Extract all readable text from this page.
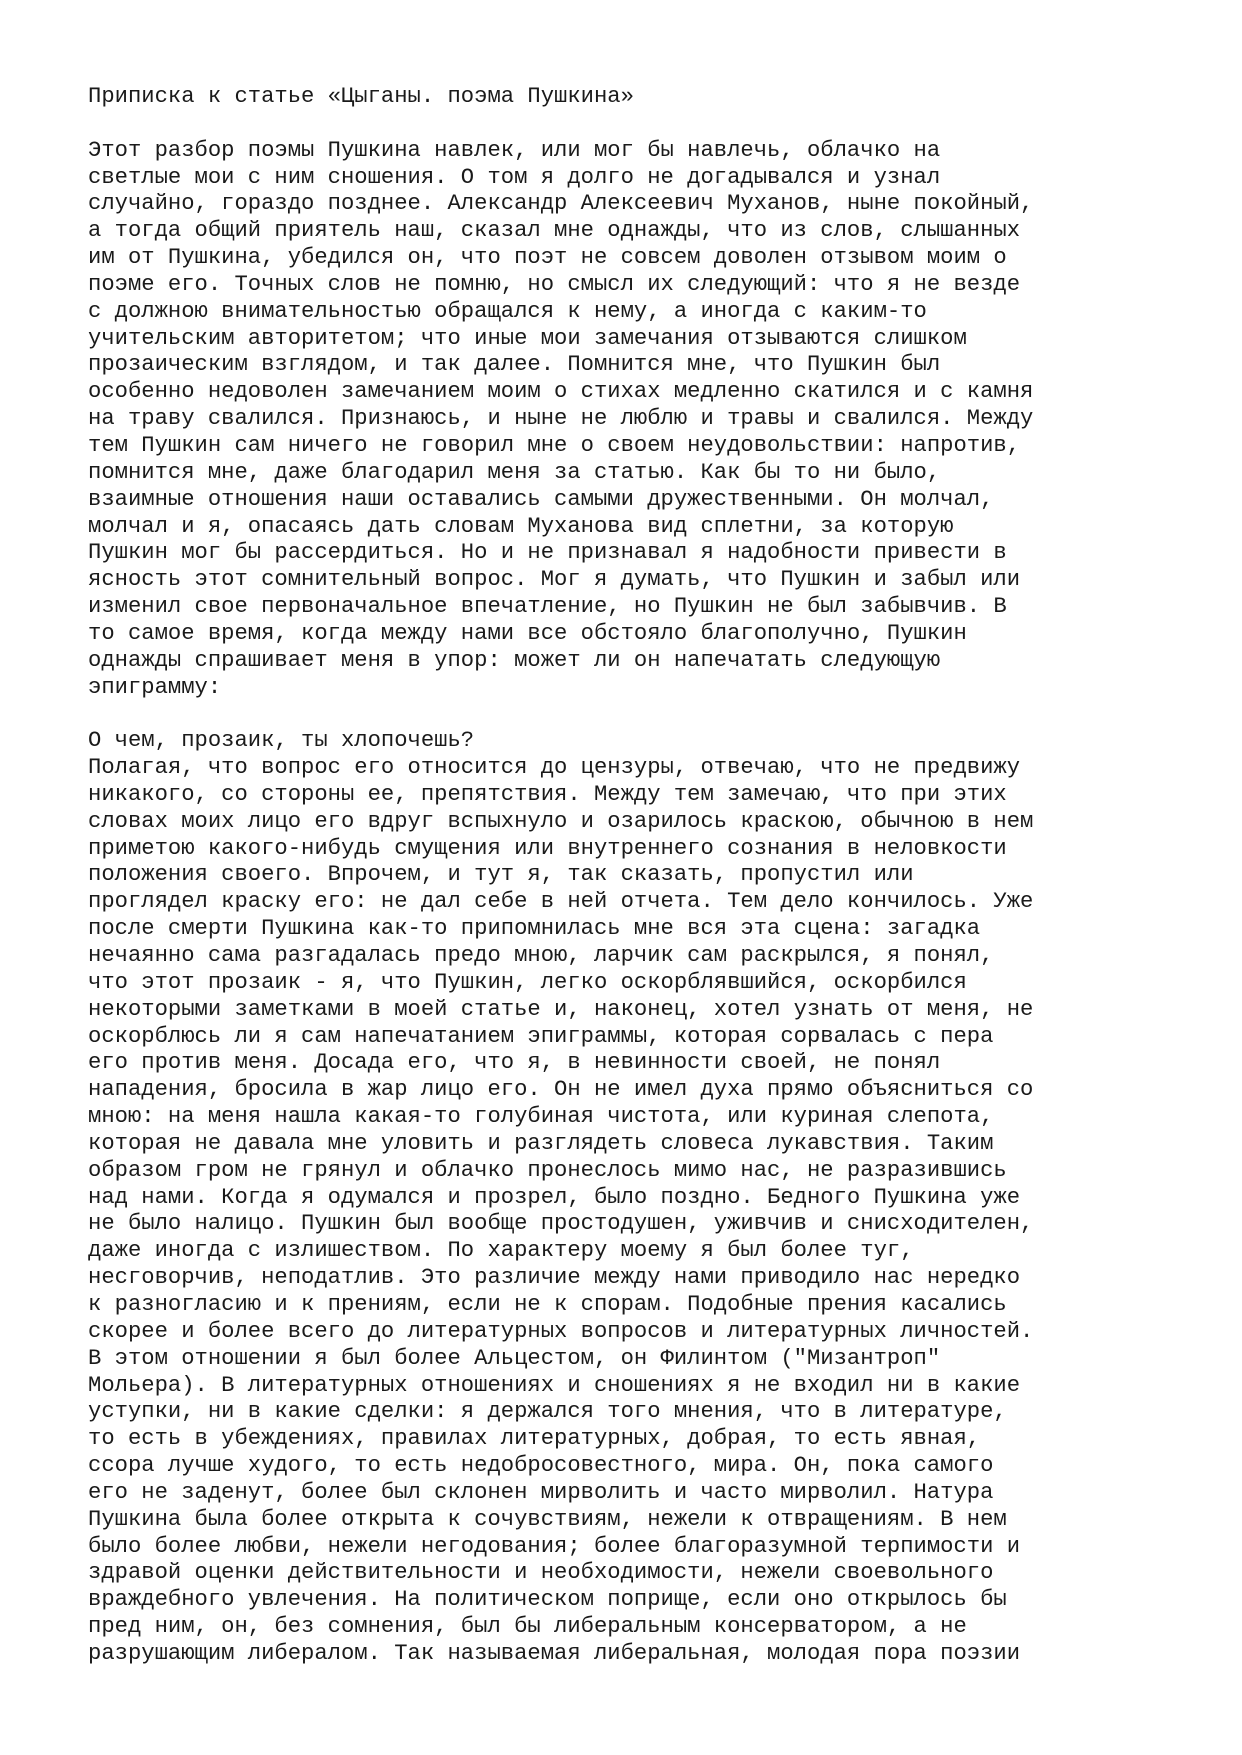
Приписка к статье «Цыганы. поэма Пушкина»
Этот разбор поэмы Пушкина навлек, или мог бы навлечь, облачко на
светлые мои с ним сношения. О том я долго не догадывался и узнал
случайно, гораздо позднее. Александр Алексеевич Муханов, ныне покойный,
а тогда общий приятель наш, сказал мне однажды, что из слов, слышанных
им от Пушкина, убедился он, что поэт не совсем доволен отзывом моим о
поэме его. Точных слов не помню, но смысл их следующий: что я не везде
с должною внимательностью обращался к нему, а иногда с каким-то
учительским авторитетом; что иные мои замечания отзываются слишком
прозаическим взглядом, и так далее. Помнится мне, что Пушкин был
особенно недоволен замечанием моим о стихах медленно скатился и с камня
на траву свалился. Признаюсь, и ныне не люблю и травы и свалился. Между
тем Пушкин сам ничего не говорил мне о своем неудовольствии: напротив,
помнится мне, даже благодарил меня за статью. Как бы то ни было,
взаимные отношения наши оставались самыми дружественными. Он молчал,
молчал и я, опасаясь дать словам Муханова вид сплетни, за которую
Пушкин мог бы рассердиться. Но и не признавал я надобности привести в
ясность этот сомнительный вопрос. Мог я думать, что Пушкин и забыл или
изменил свое первоначальное впечатление, но Пушкин не был забывчив. В
то самое время, когда между нами все обстояло благополучно, Пушкин
однажды спрашивает меня в упор: может ли он напечатать следующую
эпиграмму:
О чем, прозаик, ты хлопочешь?
Полагая, что вопрос его относится до цензуры, отвечаю, что не предвижу
никакого, со стороны ее, препятствия. Между тем замечаю, что при этих
словах моих лицо его вдруг вспыхнуло и озарилось краскою, обычною в нем
приметою какого-нибудь смущения или внутреннего сознания в неловкости
положения своего. Впрочем, и тут я, так сказать, пропустил или
проглядел краску его: не дал себе в ней отчета. Тем дело кончилось. Уже
после смерти Пушкина как-то припомнилась мне вся эта сцена: загадка
нечаянно сама разгадалась предо мною, ларчик сам раскрылся, я понял,
что этот прозаик - я, что Пушкин, легко оскорблявшийся, оскорбился
некоторыми заметками в моей статье и, наконец, хотел узнать от меня, не
оскорблюсь ли я сам напечатанием эпиграммы, которая сорвалась с пера
его против меня. Досада его, что я, в невинности своей, не понял
нападения, бросила в жар лицо его. Он не имел духа прямо объясниться со
мною: на меня нашла какая-то голубиная чистота, или куриная слепота,
которая не давала мне уловить и разглядеть словеса лукавствия. Таким
образом гром не грянул и облачко пронеслось мимо нас, не разразившись
над нами. Когда я одумался и прозрел, было поздно. Бедного Пушкина уже
не было налицо. Пушкин был вообще простодушен, уживчив и снисходителен,
даже иногда с излишеством. По характеру моему я был более туг,
несговорчив, неподатлив. Это различие между нами приводило нас нередко
к разногласию и к прениям, если не к спорам. Подобные прения касались
скорее и более всего до литературных вопросов и литературных личностей.
В этом отношении я был более Альцестом, он Филинтом ("Мизантроп"
Мольера). В литературных отношениях и сношениях я не входил ни в какие
уступки, ни в какие сделки: я держался того мнения, что в литературе,
то есть в убеждениях, правилах литературных, добрая, то есть явная,
ссора лучше худого, то есть недобросовестного, мира. Он, пока самого
его не заденут, более был склонен мирволить и часто мирволил. Натура
Пушкина была более открыта к сочувствиям, нежели к отвращениям. В нем
было более любви, нежели негодования; более благоразумной терпимости и
здравой оценки действительности и необходимости, нежели своевольного
враждебного увлечения. На политическом поприще, если оно открылось бы
пред ним, он, без сомнения, был бы либеральным консерватором, а не
разрушающим либералом. Так называемая либеральная, молодая пора поэзии
